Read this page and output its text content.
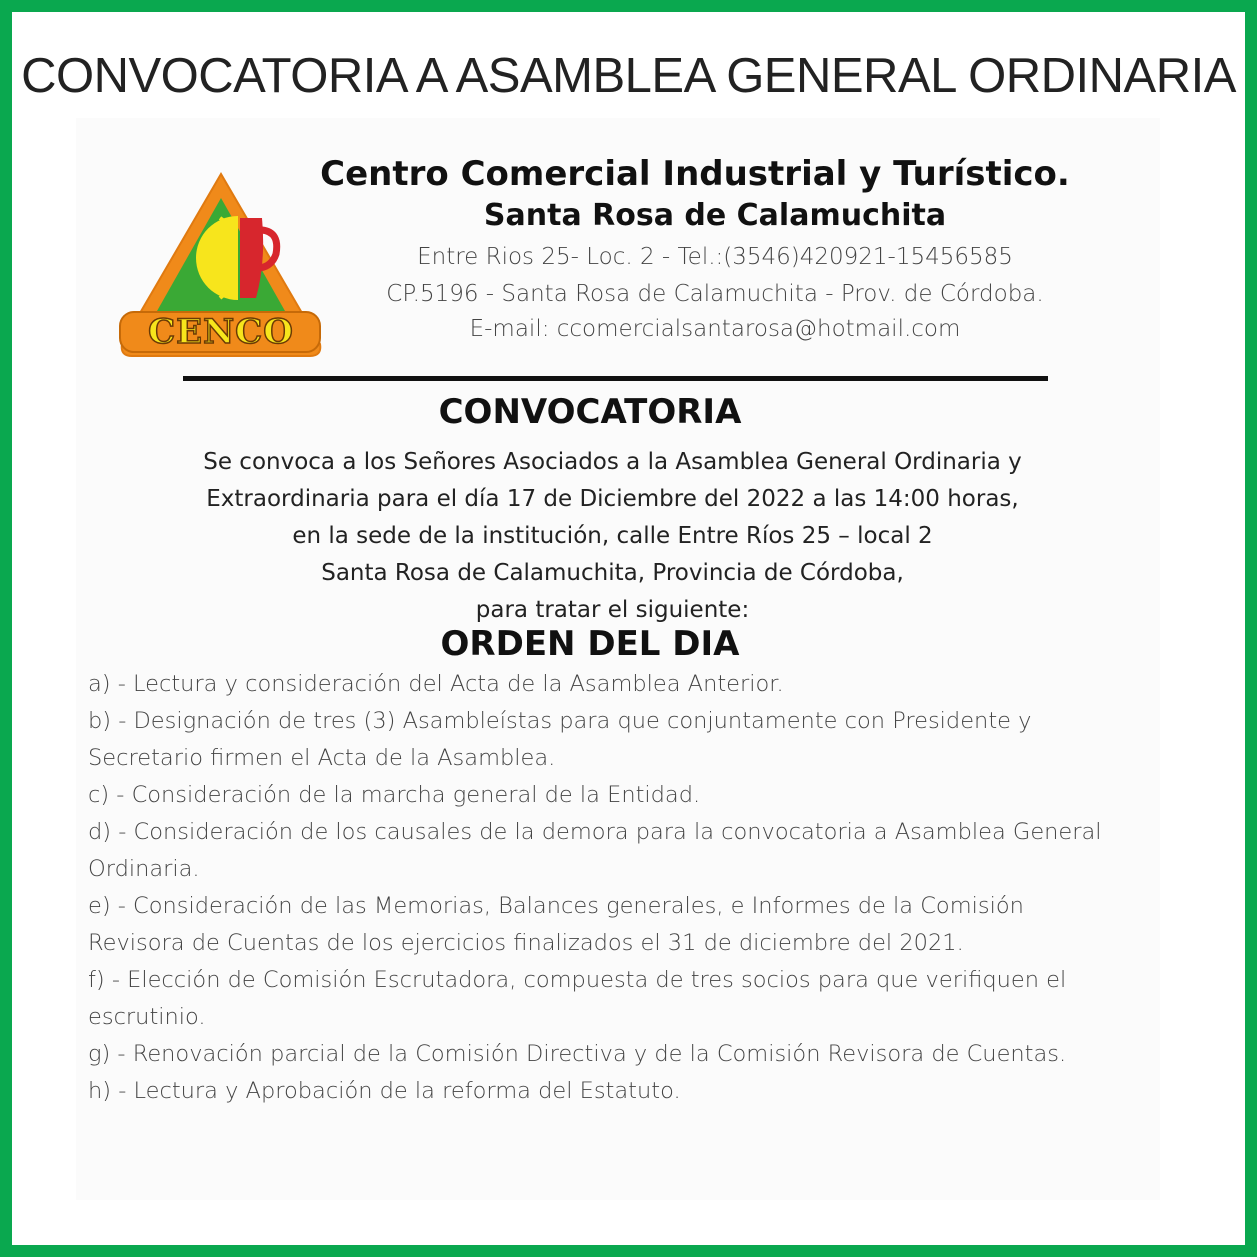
CONVOCATORIA A ASAMBLEA GENERAL ORDINARIA
CENCO
Centro Comercial Industrial y Turístico.
Santa Rosa de Calamuchita

Entre Rios 25- Loc. 2 - Tel.:(3546)420921-15456585

CP.5196 - Santa Rosa de Calamuchita - Prov. de Córdoba.

E-mail: ccomercialsantarosa@hotmail.com

CONVOCATORIA

Se convoca a los Señores Asociados a la Asamblea General Ordinaria y
Extraordinaria para el día 17 de Diciembre del 2022 a las 14:00 horas,
en la sede de la institución, calle Entre Ríos 25 – local 2
Santa Rosa de Calamuchita, Provincia de Córdoba,
para tratar el siguiente:

ORDEN DEL DIA
a) - Lectura y consideración del Acta de la Asamblea Anterior.
b) - Designación de tres (3) Asambleístas para que conjuntamente con Presidente y Secretario firmen el Acta de la Asamblea.
c) - Consideración de la marcha general de la Entidad.
d) - Consideración de los causales de la demora para la convocatoria a Asamblea General Ordinaria.
e) - Consideración de las Memorias, Balances generales, e Informes de la Comisión Revisora de Cuentas de los ejercicios finalizados el 31 de diciembre del 2021.
f) - Elección de Comisión Escrutadora, compuesta de tres socios para que verifiquen el escrutinio.
g) - Renovación parcial de la Comisión Directiva y de la Comisión Revisora de Cuentas.
h) - Lectura y Aprobación de la reforma del Estatuto.
